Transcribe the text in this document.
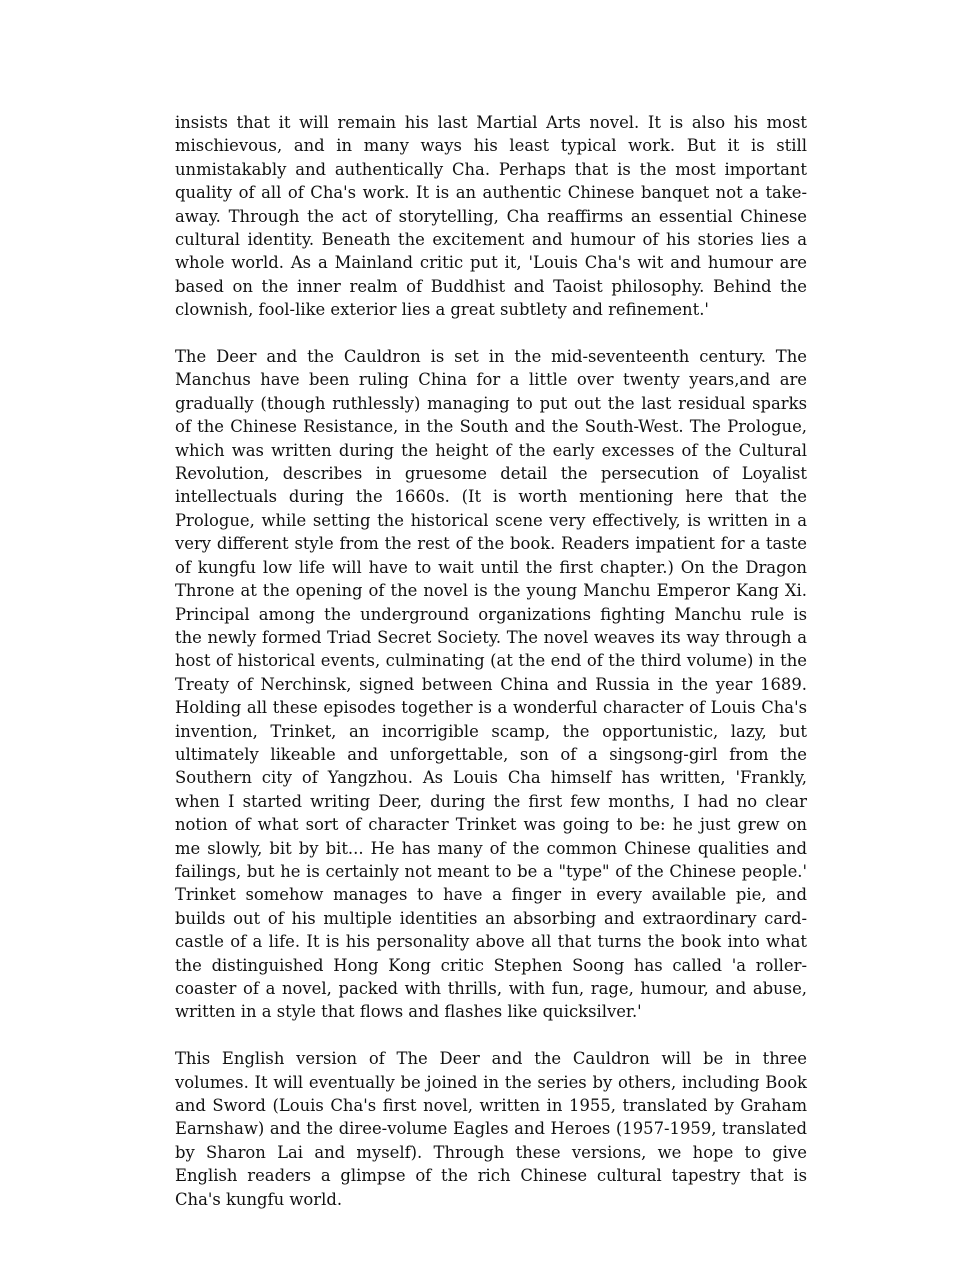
insists that it will remain his last Martial Arts novel. It is also his most mischievous, and in many ways his least typical work. But it is still unmistakably and authentically Cha. Perhaps that is the most important quality of all of Cha's work. It is an authentic Chinese banquet not a take-away. Through the act of storytelling, Cha reaffirms an essential Chinese cultural identity. Beneath the excitement and humour of his stories lies a whole world. As a Mainland critic put it, 'Louis Cha's wit and humour are based on the inner realm of Buddhist and Taoist philosophy. Behind the clownish, fool-like exterior lies a great subtlety and refinement.'

The Deer and the Cauldron is set in the mid-seventeenth century. The Manchus have been ruling China for a little over twenty years,and are gradually (though ruthlessly) managing to put out the last residual sparks of the Chinese Resistance, in the South and the South-West. The Prologue, which was written during the height of the early excesses of the Cultural Revolution, describes in gruesome detail the persecution of Loyalist intellectuals during the 1660s. (It is worth mentioning here that the Prologue, while setting the historical scene very effectively, is written in a very different style from the rest of the book. Readers impatient for a taste of kungfu low life will have to wait until the first chapter.) On the Dragon Throne at the opening of the novel is the young Manchu Emperor Kang Xi. Principal among the underground organizations fighting Manchu rule is the newly formed Triad Secret Society. The novel weaves its way through a host of historical events, culminating (at the end of the third volume) in the Treaty of Nerchinsk, signed between China and Russia in the year 1689. Holding all these episodes together is a wonderful character of Louis Cha's invention, Trinket, an incorrigible scamp, the opportunistic, lazy, but ultimately likeable and unforgettable, son of a singsong-girl from the Southern city of Yangzhou. As Louis Cha himself has written, 'Frankly, when I started writing Deer, during the first few months, I had no clear notion of what sort of character Trinket was going to be: he just grew on me slowly, bit by bit... He has many of the common Chinese qualities and failings, but he is certainly not meant to be a "type" of the Chinese people.' Trinket somehow manages to have a finger in every available pie, and builds out of his multiple identities an absorbing and extraordinary card-castle of a life. It is his personality above all that turns the book into what the distinguished Hong Kong critic Stephen Soong has called 'a roller-coaster of a novel, packed with thrills, with fun, rage, humour, and abuse, written in a style that flows and flashes like quicksilver.'

This English version of The Deer and the Cauldron will be in three volumes. It will eventually be joined in the series by others, including Book and Sword (Louis Cha's first novel, written in 1955, translated by Graham Earnshaw) and the diree-volume Eagles and Heroes (1957-1959, translated by Sharon Lai and myself). Through these versions, we hope to give English readers a glimpse of the rich Chinese cultural tapestry that is Cha's kungfu world.
